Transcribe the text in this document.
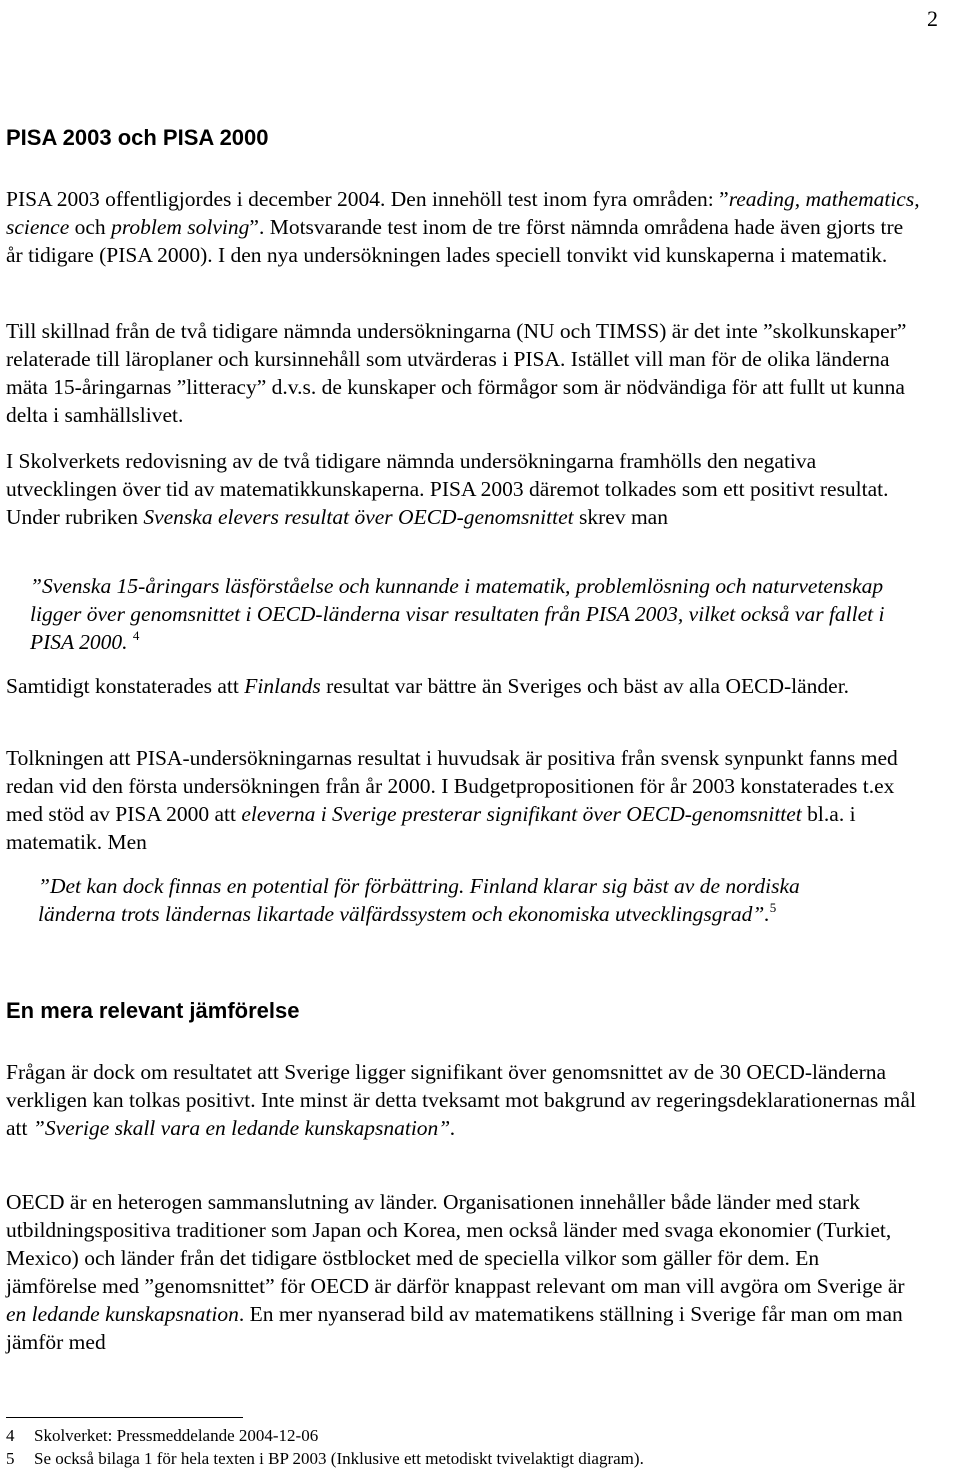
2
PISA 2003 och PISA 2000

PISA 2003 offentligjordes i december 2004. Den innehöll test inom fyra områden: ”reading, mathematics, science och problem solving”. Motsvarande test inom de tre först nämnda områdena hade även gjorts tre år tidigare (PISA 2000). I den nya undersökningen lades speciell tonvikt vid kunskaperna i matematik.

Till skillnad från de två tidigare nämnda undersökningarna (NU och TIMSS) är det inte ”skolkunskaper” relaterade till läroplaner och kursinnehåll som utvärderas i PISA. Istället vill man för de olika länderna mäta 15-åringarnas ”litteracy” d.v.s. de kunskaper och förmågor som är nödvändiga för att fullt ut kunna delta i samhällslivet.

I Skolverkets redovisning av de två tidigare nämnda undersökningarna framhölls den negativa utvecklingen över tid av matematikkunskaperna. PISA 2003 däremot tolkades som ett positivt resultat. Under rubriken Svenska elevers resultat över OECD-genomsnittet skrev man

”Svenska 15-åringars läsförståelse och kunnande i matematik, problemlösning och naturvetenskap ligger över genomsnittet i OECD-länderna visar resultaten från PISA 2003, vilket också var fallet i PISA 2000. $^4$

Samtidigt konstaterades att Finlands resultat var bättre än Sveriges och bäst av alla OECD-länder.

Tolkningen att PISA-undersökningarnas resultat i huvudsak är positiva från svensk synpunkt fanns med redan vid den första undersökningen från år 2000. I Budgetpropositionen för år 2003 konstaterades t.ex med stöd av PISA 2000 att eleverna i Sverige presterar signifikant över OECD-genomsnittet bl.a. i matematik. Men

”Det kan dock finnas en potential för förbättring. Finland klarar sig bäst av de nordiska länderna trots ländernas likartade välfärdssystem och ekonomiska utvecklingsgrad”.$^5$

En mera relevant jämförelse

Frågan är dock om resultatet att Sverige ligger signifikant över genomsnittet av de 30 OECD-länderna verkligen kan tolkas positivt. Inte minst är detta tveksamt mot bakgrund av regeringsdeklarationernas mål att ”Sverige skall vara en ledande kunskapsnation”.

OECD är en heterogen sammanslutning av länder. Organisationen innehåller både länder med stark utbildningspositiva traditioner som Japan och Korea, men också länder med svaga ekonomier (Turkiet, Mexico) och länder från det tidigare östblocket med de speciella vilkor som gäller för dem. En jämförelse med ”genomsnittet” för OECD är därför knappast relevant om man vill avgöra om Sverige är en ledande kunskapsnation. En mer nyanserad bild av matematikens ställning i Sverige får man om man jämför med

4 Skolverket: Pressmeddelande 2004-12-06

5 Se också bilaga 1 för hela texten i BP 2003 (Inklusive ett metodiskt tvivelaktigt diagram).
